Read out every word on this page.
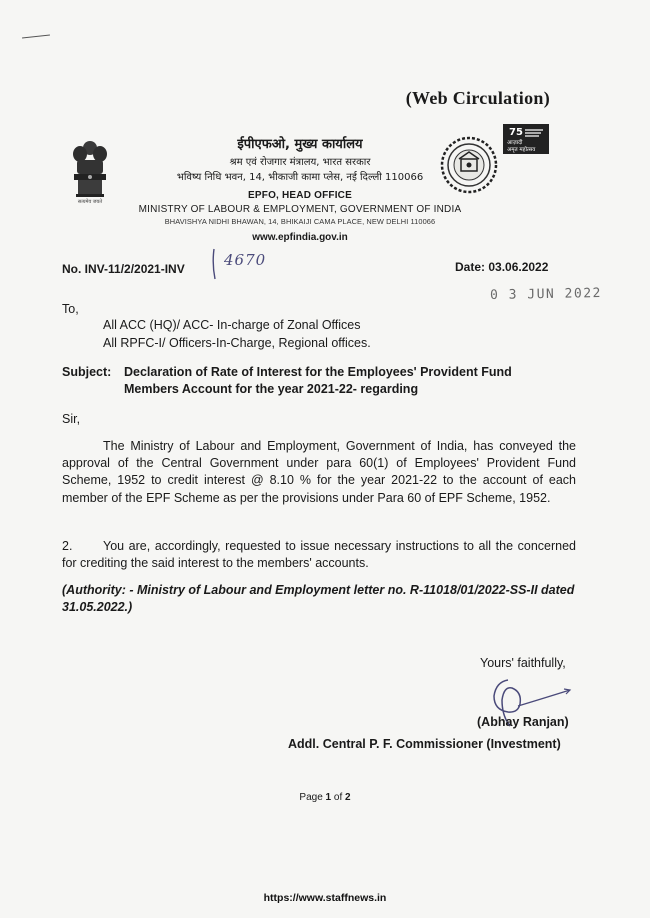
(Web Circulation)
सत्यमेव जयते
ईपीएफओ, मुख्य कार्यालय
श्रम एवं रोजगार मंत्रालय, भारत सरकार
भविष्य निधि भवन, 14, भीकाजी कामा प्लेस, नई दिल्ली 110066
EPFO, HEAD OFFICE
MINISTRY OF LABOUR & EMPLOYMENT, GOVERNMENT OF INDIA
BHAVISHYA NIDHI BHAWAN, 14, BHIKAIJI CAMA PLACE, NEW DELHI 110066
www.epfindia.gov.in
75
आज़ादी
अमृत महोत्सव
No. INV-11/2/2021-INV	4670	Date: 03.06.2022
0 3 JUN 2022
To,
All ACC (HQ)/ ACC- In-charge of Zonal Offices
All RPFC-I/ Officers-In-Charge, Regional offices.
Subject: Declaration of Rate of Interest for the Employees' Provident Fund
Members Account for the year 2021-22- regarding
Sir,
The Ministry of Labour and Employment, Government of India, has conveyed the approval of the Central Government under para 60(1) of Employees' Provident Fund Scheme, 1952 to credit interest @ 8.10 % for the year 2021-22 to the account of each member of the EPF Scheme as per the provisions under Para 60 of EPF Scheme, 1952.
2. You are, accordingly, requested to issue necessary instructions to all the concerned for crediting the said interest to the members' accounts.
(Authority: - Ministry of Labour and Employment letter no. R-11018/01/2022-SS-II dated 31.05.2022.)
Yours' faithfully,
(Abhay Ranjan)
Addl. Central P. F. Commissioner (Investment)
Page 1 of 2
https://www.staffnews.in
